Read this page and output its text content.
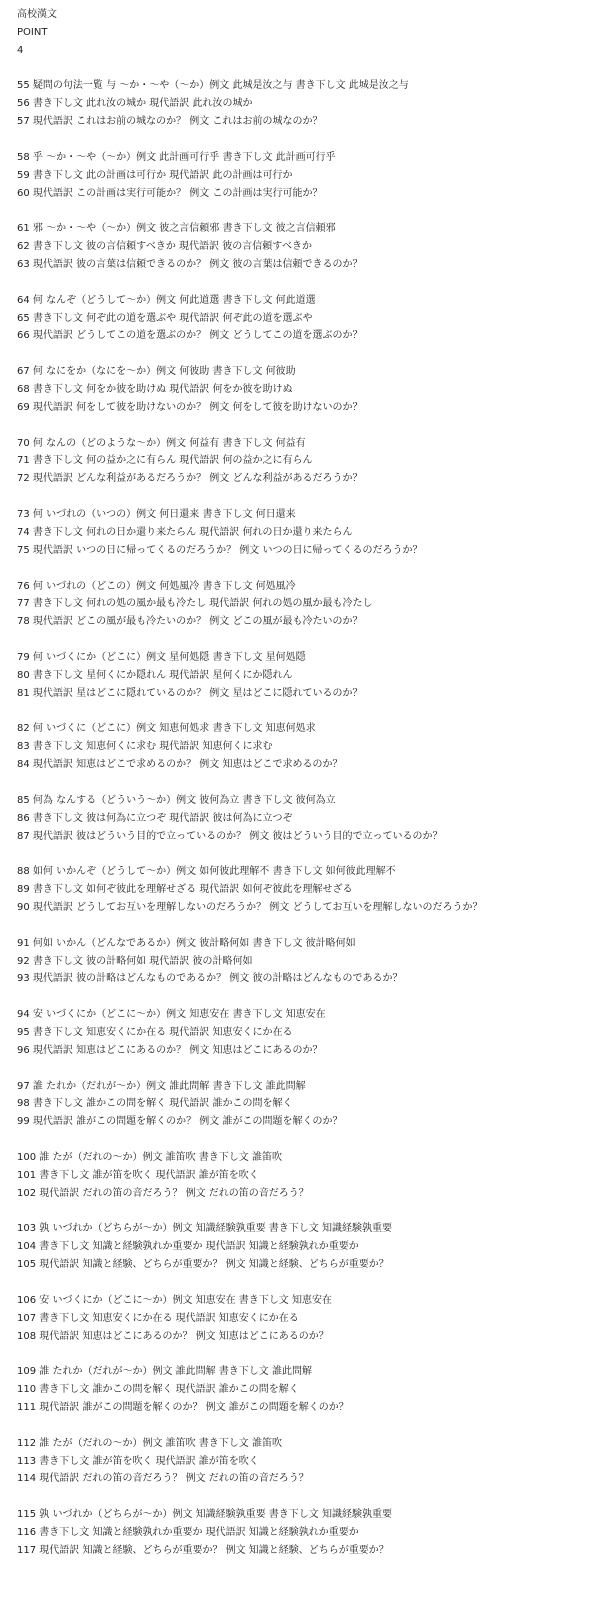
高校漢文
POINT
4
55 疑問の句法一覧 与 〜か・〜や（〜か）例文 此城是汝之与 書き下し文 此城是汝之与
56 書き下し文 此れ汝の城か 現代語訳 此れ汝の城か
57 現代語訳 これはお前の城なのか？ 例文 これはお前の城なのか？
58 乎 〜か・〜や（〜か）例文 此計画可行乎 書き下し文 此計画可行乎
59 書き下し文 此の計画は可行か 現代語訳 此の計画は可行か
60 現代語訳 この計画は実行可能か？ 例文 この計画は実行可能か？
61 邪 〜か・〜や（〜か）例文 彼之言信頼邪 書き下し文 彼之言信頼邪
62 書き下し文 彼の言信頼すべきか 現代語訳 彼の言信頼すべきか
63 現代語訳 彼の言葉は信頼できるのか？ 例文 彼の言葉は信頼できるのか？
64 何 なんぞ（どうして〜か）例文 何此道選 書き下し文 何此道選
65 書き下し文 何ぞ此の道を選ぶや 現代語訳 何ぞ此の道を選ぶや
66 現代語訳 どうしてこの道を選ぶのか？ 例文 どうしてこの道を選ぶのか？
67 何 なにをか（なにを〜か）例文 何彼助 書き下し文 何彼助
68 書き下し文 何をか彼を助けぬ 現代語訳 何をか彼を助けぬ
69 現代語訳 何をして彼を助けないのか？ 例文 何をして彼を助けないのか？
70 何 なんの（どのような〜か）例文 何益有 書き下し文 何益有
71 書き下し文 何の益か之に有らん 現代語訳 何の益か之に有らん
72 現代語訳 どんな利益があるだろうか？ 例文 どんな利益があるだろうか？
73 何 いづれの（いつの）例文 何日還来 書き下し文 何日還来
74 書き下し文 何れの日か還り来たらん 現代語訳 何れの日か還り来たらん
75 現代語訳 いつの日に帰ってくるのだろうか？ 例文 いつの日に帰ってくるのだろうか？
76 何 いづれの（どこの）例文 何処風冷 書き下し文 何処風冷
77 書き下し文 何れの処の風か最も冷たし 現代語訳 何れの処の風か最も冷たし
78 現代語訳 どこの風が最も冷たいのか？ 例文 どこの風が最も冷たいのか？
79 何 いづくにか（どこに）例文 星何処隠 書き下し文 星何処隠
80 書き下し文 星何くにか隠れん 現代語訳 星何くにか隠れん
81 現代語訳 星はどこに隠れているのか？ 例文 星はどこに隠れているのか？
82 何 いづくに（どこに）例文 知恵何処求 書き下し文 知恵何処求
83 書き下し文 知恵何くに求む 現代語訳 知恵何くに求む
84 現代語訳 知恵はどこで求めるのか？ 例文 知恵はどこで求めるのか？
85 何為 なんする（どういう〜か）例文 彼何為立 書き下し文 彼何為立
86 書き下し文 彼は何為に立つぞ 現代語訳 彼は何為に立つぞ
87 現代語訳 彼はどういう目的で立っているのか？ 例文 彼はどういう目的で立っているのか？
88 如何 いかんぞ（どうして〜か）例文 如何彼此理解不 書き下し文 如何彼此理解不
89 書き下し文 如何ぞ彼此を理解せざる 現代語訳 如何ぞ彼此を理解せざる
90 現代語訳 どうしてお互いを理解しないのだろうか？ 例文 どうしてお互いを理解しないのだろうか？
91 何如 いかん（どんなであるか）例文 彼計略何如 書き下し文 彼計略何如
92 書き下し文 彼の計略何如 現代語訳 彼の計略何如
93 現代語訳 彼の計略はどんなものであるか？ 例文 彼の計略はどんなものであるか？
94 安 いづくにか（どこに〜か）例文 知恵安在 書き下し文 知恵安在
95 書き下し文 知恵安くにか在る 現代語訳 知恵安くにか在る
96 現代語訳 知恵はどこにあるのか？ 例文 知恵はどこにあるのか？
97 誰 たれか（だれが〜か）例文 誰此問解 書き下し文 誰此問解
98 書き下し文 誰かこの問を解く 現代語訳 誰かこの問を解く
99 現代語訳 誰がこの問題を解くのか？ 例文 誰がこの問題を解くのか？
100 誰 たが（だれの〜か）例文 誰笛吹 書き下し文 誰笛吹
101 書き下し文 誰が笛を吹く 現代語訳 誰が笛を吹く
102 現代語訳 だれの笛の音だろう？ 例文 だれの笛の音だろう？
103 孰 いづれか（どちらが〜か）例文 知識経験孰重要 書き下し文 知識経験孰重要
104 書き下し文 知識と経験孰れか重要か 現代語訳 知識と経験孰れか重要か
105 現代語訳 知識と経験、どちらが重要か？ 例文 知識と経験、どちらが重要か？
106 安 いづくにか（どこに〜か）例文 知恵安在 書き下し文 知恵安在
107 書き下し文 知恵安くにか在る 現代語訳 知恵安くにか在る
108 現代語訳 知恵はどこにあるのか？ 例文 知恵はどこにあるのか？
109 誰 たれか（だれが〜か）例文 誰此問解 書き下し文 誰此問解
110 書き下し文 誰かこの問を解く 現代語訳 誰かこの問を解く
111 現代語訳 誰がこの問題を解くのか？ 例文 誰がこの問題を解くのか？
112 誰 たが（だれの〜か）例文 誰笛吹 書き下し文 誰笛吹
113 書き下し文 誰が笛を吹く 現代語訳 誰が笛を吹く
114 現代語訳 だれの笛の音だろう？ 例文 だれの笛の音だろう？
115 孰 いづれか（どちらが〜か）例文 知識経験孰重要 書き下し文 知識経験孰重要
116 書き下し文 知識と経験孰れか重要か 現代語訳 知識と経験孰れか重要か
117 現代語訳 知識と経験、どちらが重要か？ 例文 知識と経験、どちらが重要か？
